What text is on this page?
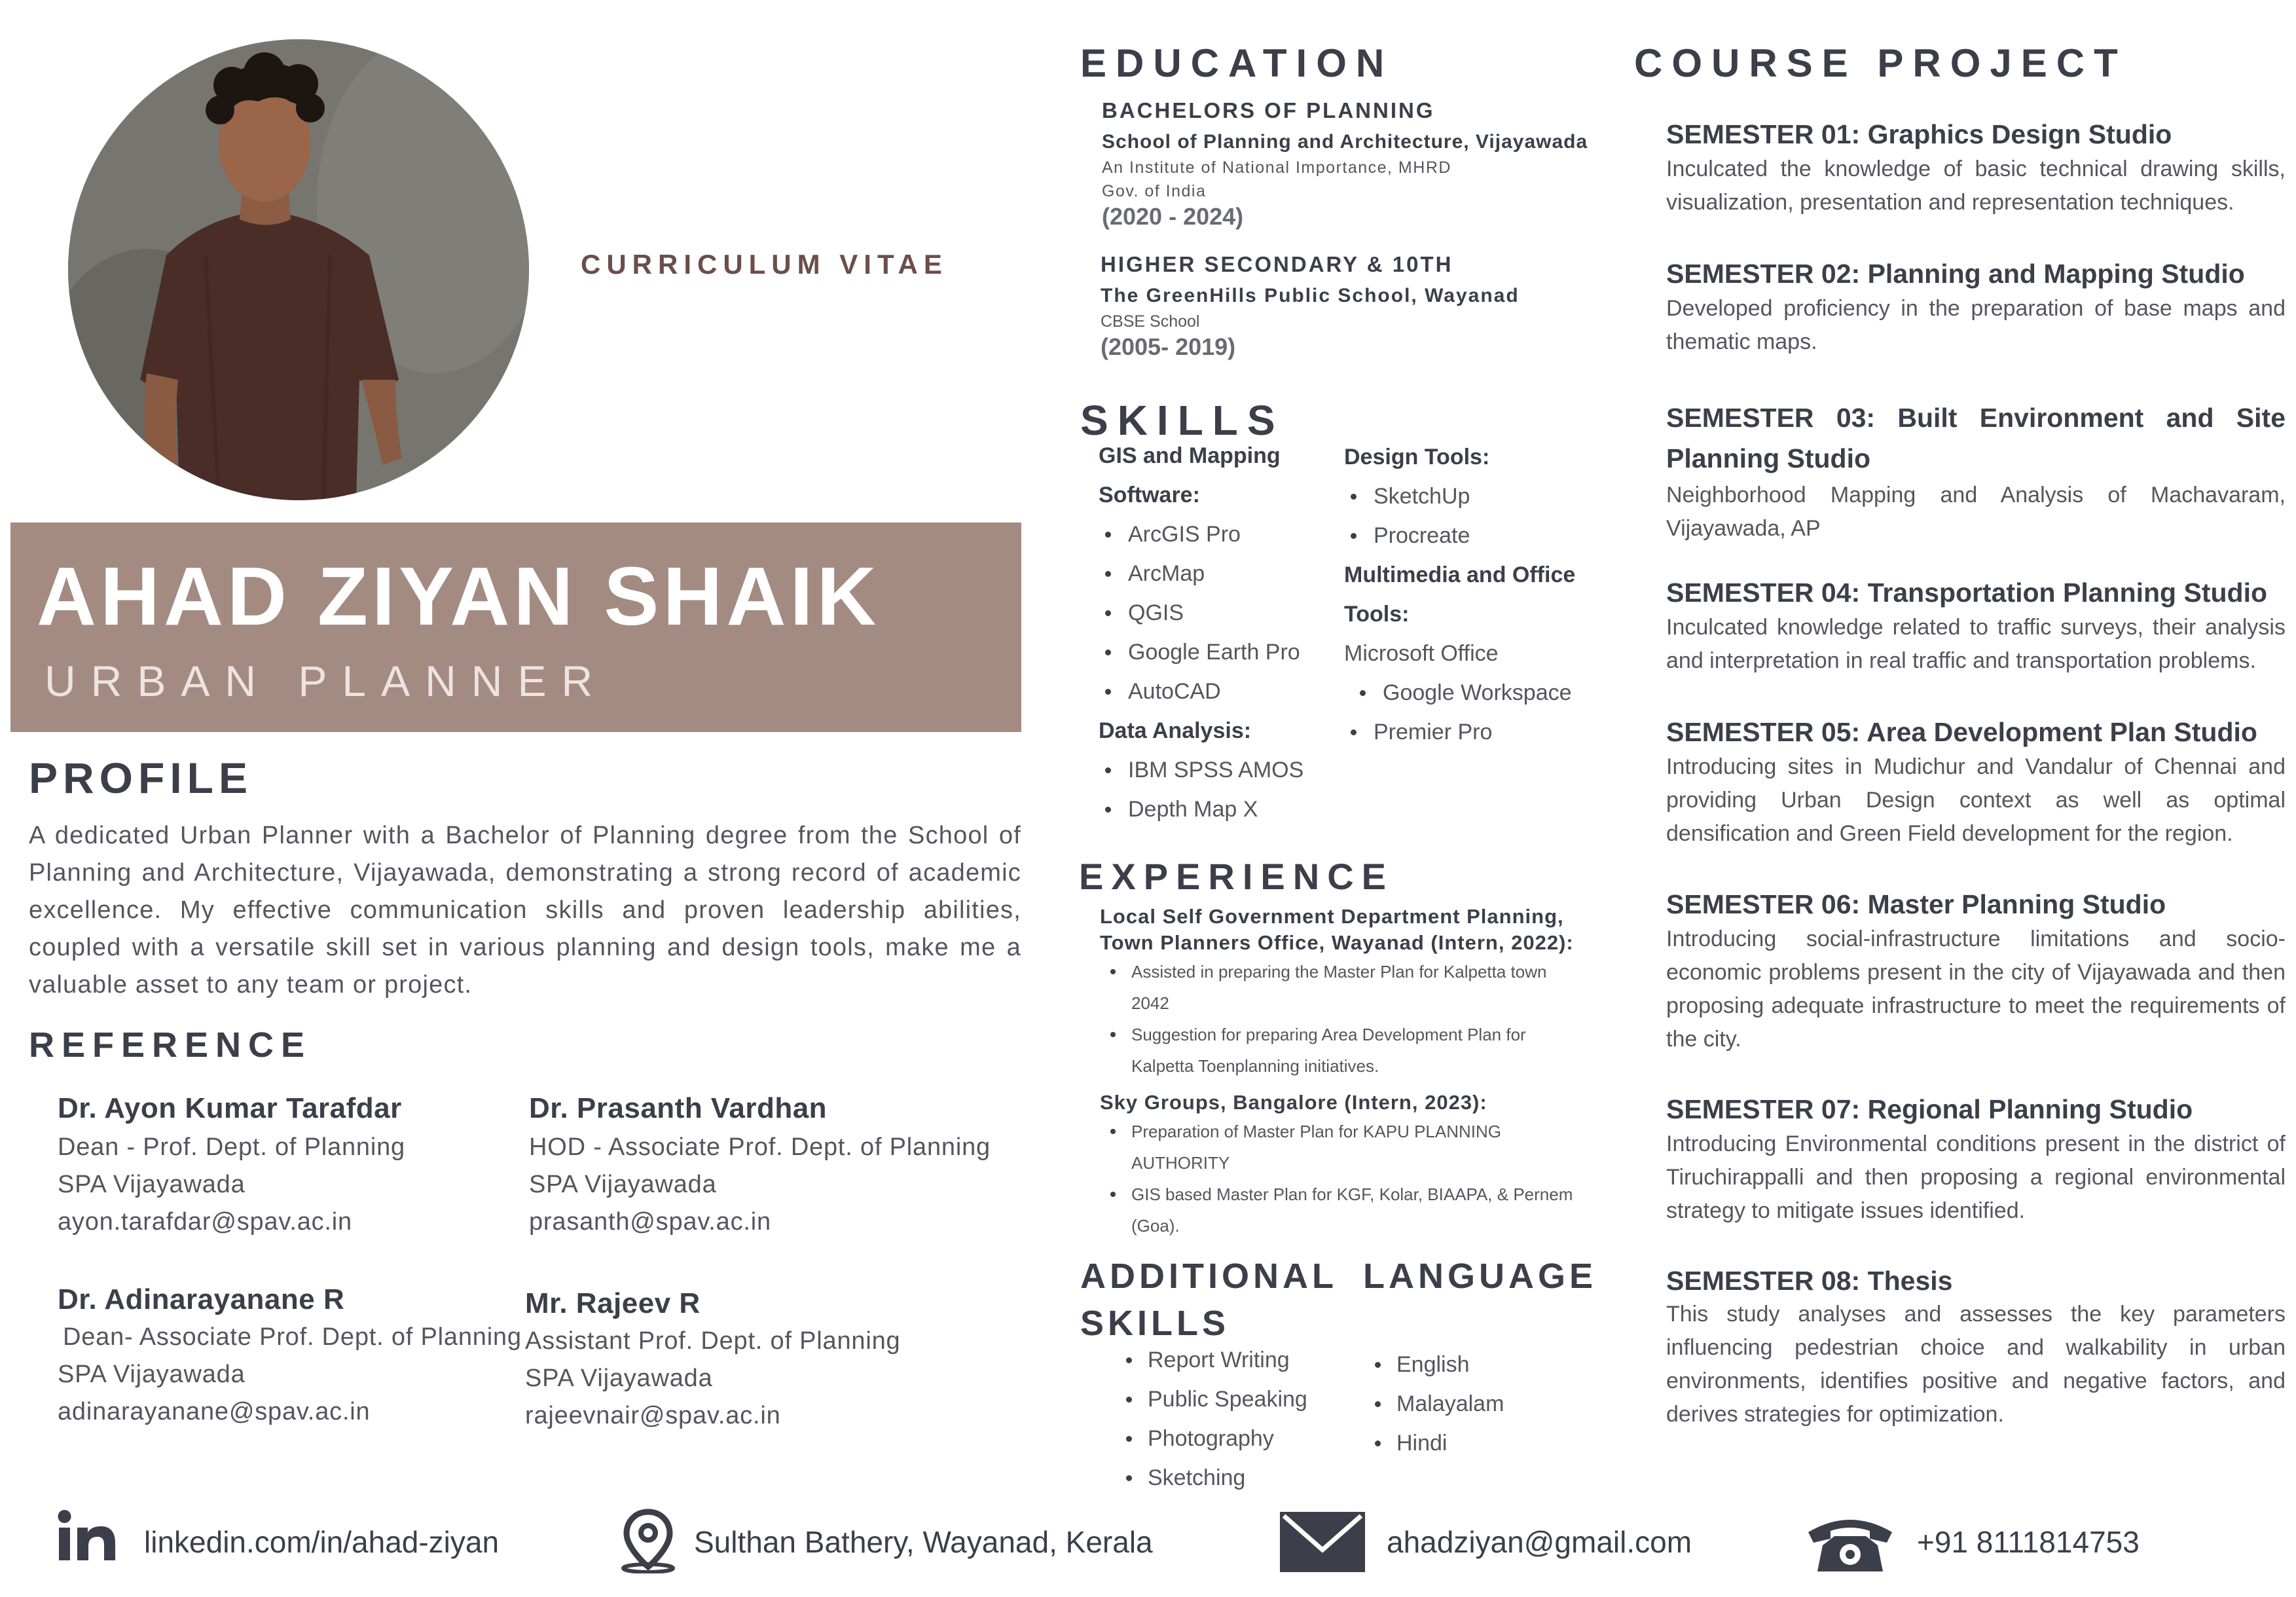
CURRICULUM VITAE
AHAD ZIYAN SHAIK
URBAN PLANNER
PROFILE
A dedicated Urban Planner with a Bachelor of Planning degree from the School of Planning and Architecture, Vijayawada, demonstrating a strong record of academic excellence. My effective communication skills and proven leadership abilities, coupled with a versatile skill set in various planning and design tools, make me a valuable asset to any team or project.
REFERENCE
Dr. Ayon Kumar Tarafdar
Dean - Prof. Dept. of Planning
SPA Vijayawada
ayon.tarafdar@spav.ac.in
Dr. Prasanth Vardhan
HOD - Associate Prof. Dept. of Planning
SPA Vijayawada
prasanth@spav.ac.in
Dr. Adinarayanane R
Dean- Associate Prof. Dept. of Planning
SPA Vijayawada
adinarayanane@spav.ac.in
Mr. Rajeev R
Assistant Prof. Dept. of Planning
SPA Vijayawada
rajeevnair@spav.ac.in
EDUCATION
BACHELORS OF PLANNING
School of Planning and Architecture, Vijayawada
An Institute of National Importance, MHRD
Gov. of India
(2020 - 2024)
HIGHER SECONDARY & 10TH
The GreenHills Public School, Wayanad
CBSE School
(2005- 2019)
SKILLS
GIS and Mapping
Software:
ArcGIS Pro
ArcMap
QGIS
Google Earth Pro
AutoCAD
Data Analysis:
IBM SPSS AMOS
Depth Map X
Design Tools:
SketchUp
Procreate
Multimedia and Office
Tools:
Microsoft Office
Google Workspace
Premier Pro
EXPERIENCE
Local Self Government Department Planning,
Town Planners Office, Wayanad (Intern, 2022):
Assisted in preparing the Master Plan for Kalpetta town
2042
Suggestion for preparing Area Development Plan for
Kalpetta Toenplanning initiatives.
Sky Groups, Bangalore (Intern, 2023):
Preparation of Master Plan for KAPU PLANNING
AUTHORITY
GIS based Master Plan for KGF, Kolar, BIAAPA, & Pernem
(Goa).
ADDITIONAL
SKILLS
LANGUAGE
Report Writing
Public Speaking
Photography
Sketching
English
Malayalam
Hindi
COURSE PROJECT
SEMESTER 01: Graphics Design Studio
Inculcated the knowledge of basic technical drawing skills, visualization, presentation and representation techniques.
SEMESTER 02: Planning and Mapping Studio
Developed proficiency in the preparation of base maps and thematic maps.
SEMESTER 03: Built Environment and Site Planning Studio
Neighborhood Mapping and Analysis of Machavaram, Vijayawada, AP
SEMESTER 04: Transportation Planning Studio
Inculcated knowledge related to traffic surveys, their analysis and interpretation in real traffic and transportation problems.
SEMESTER 05: Area Development Plan Studio
Introducing sites in Mudichur and Vandalur of Chennai and providing Urban Design context as well as optimal densification and Green Field development for the region.
SEMESTER 06: Master Planning Studio
Introducing social-infrastructure limitations and socio-economic problems present in the city of Vijayawada and then proposing adequate infrastructure to meet the requirements of the city.
SEMESTER 07: Regional Planning Studio
Introducing Environmental conditions present in the district of Tiruchirappalli and then proposing a regional environmental strategy to mitigate issues identified.
SEMESTER 08: Thesis
This study analyses and assesses the key parameters influencing pedestrian choice and walkability in urban environments, identifies positive and negative factors, and derives strategies for optimization.
linkedin.com/in/ahad-ziyan	Sulthan Bathery, Wayanad, Kerala	ahadziyan@gmail.com	+91 8111814753
